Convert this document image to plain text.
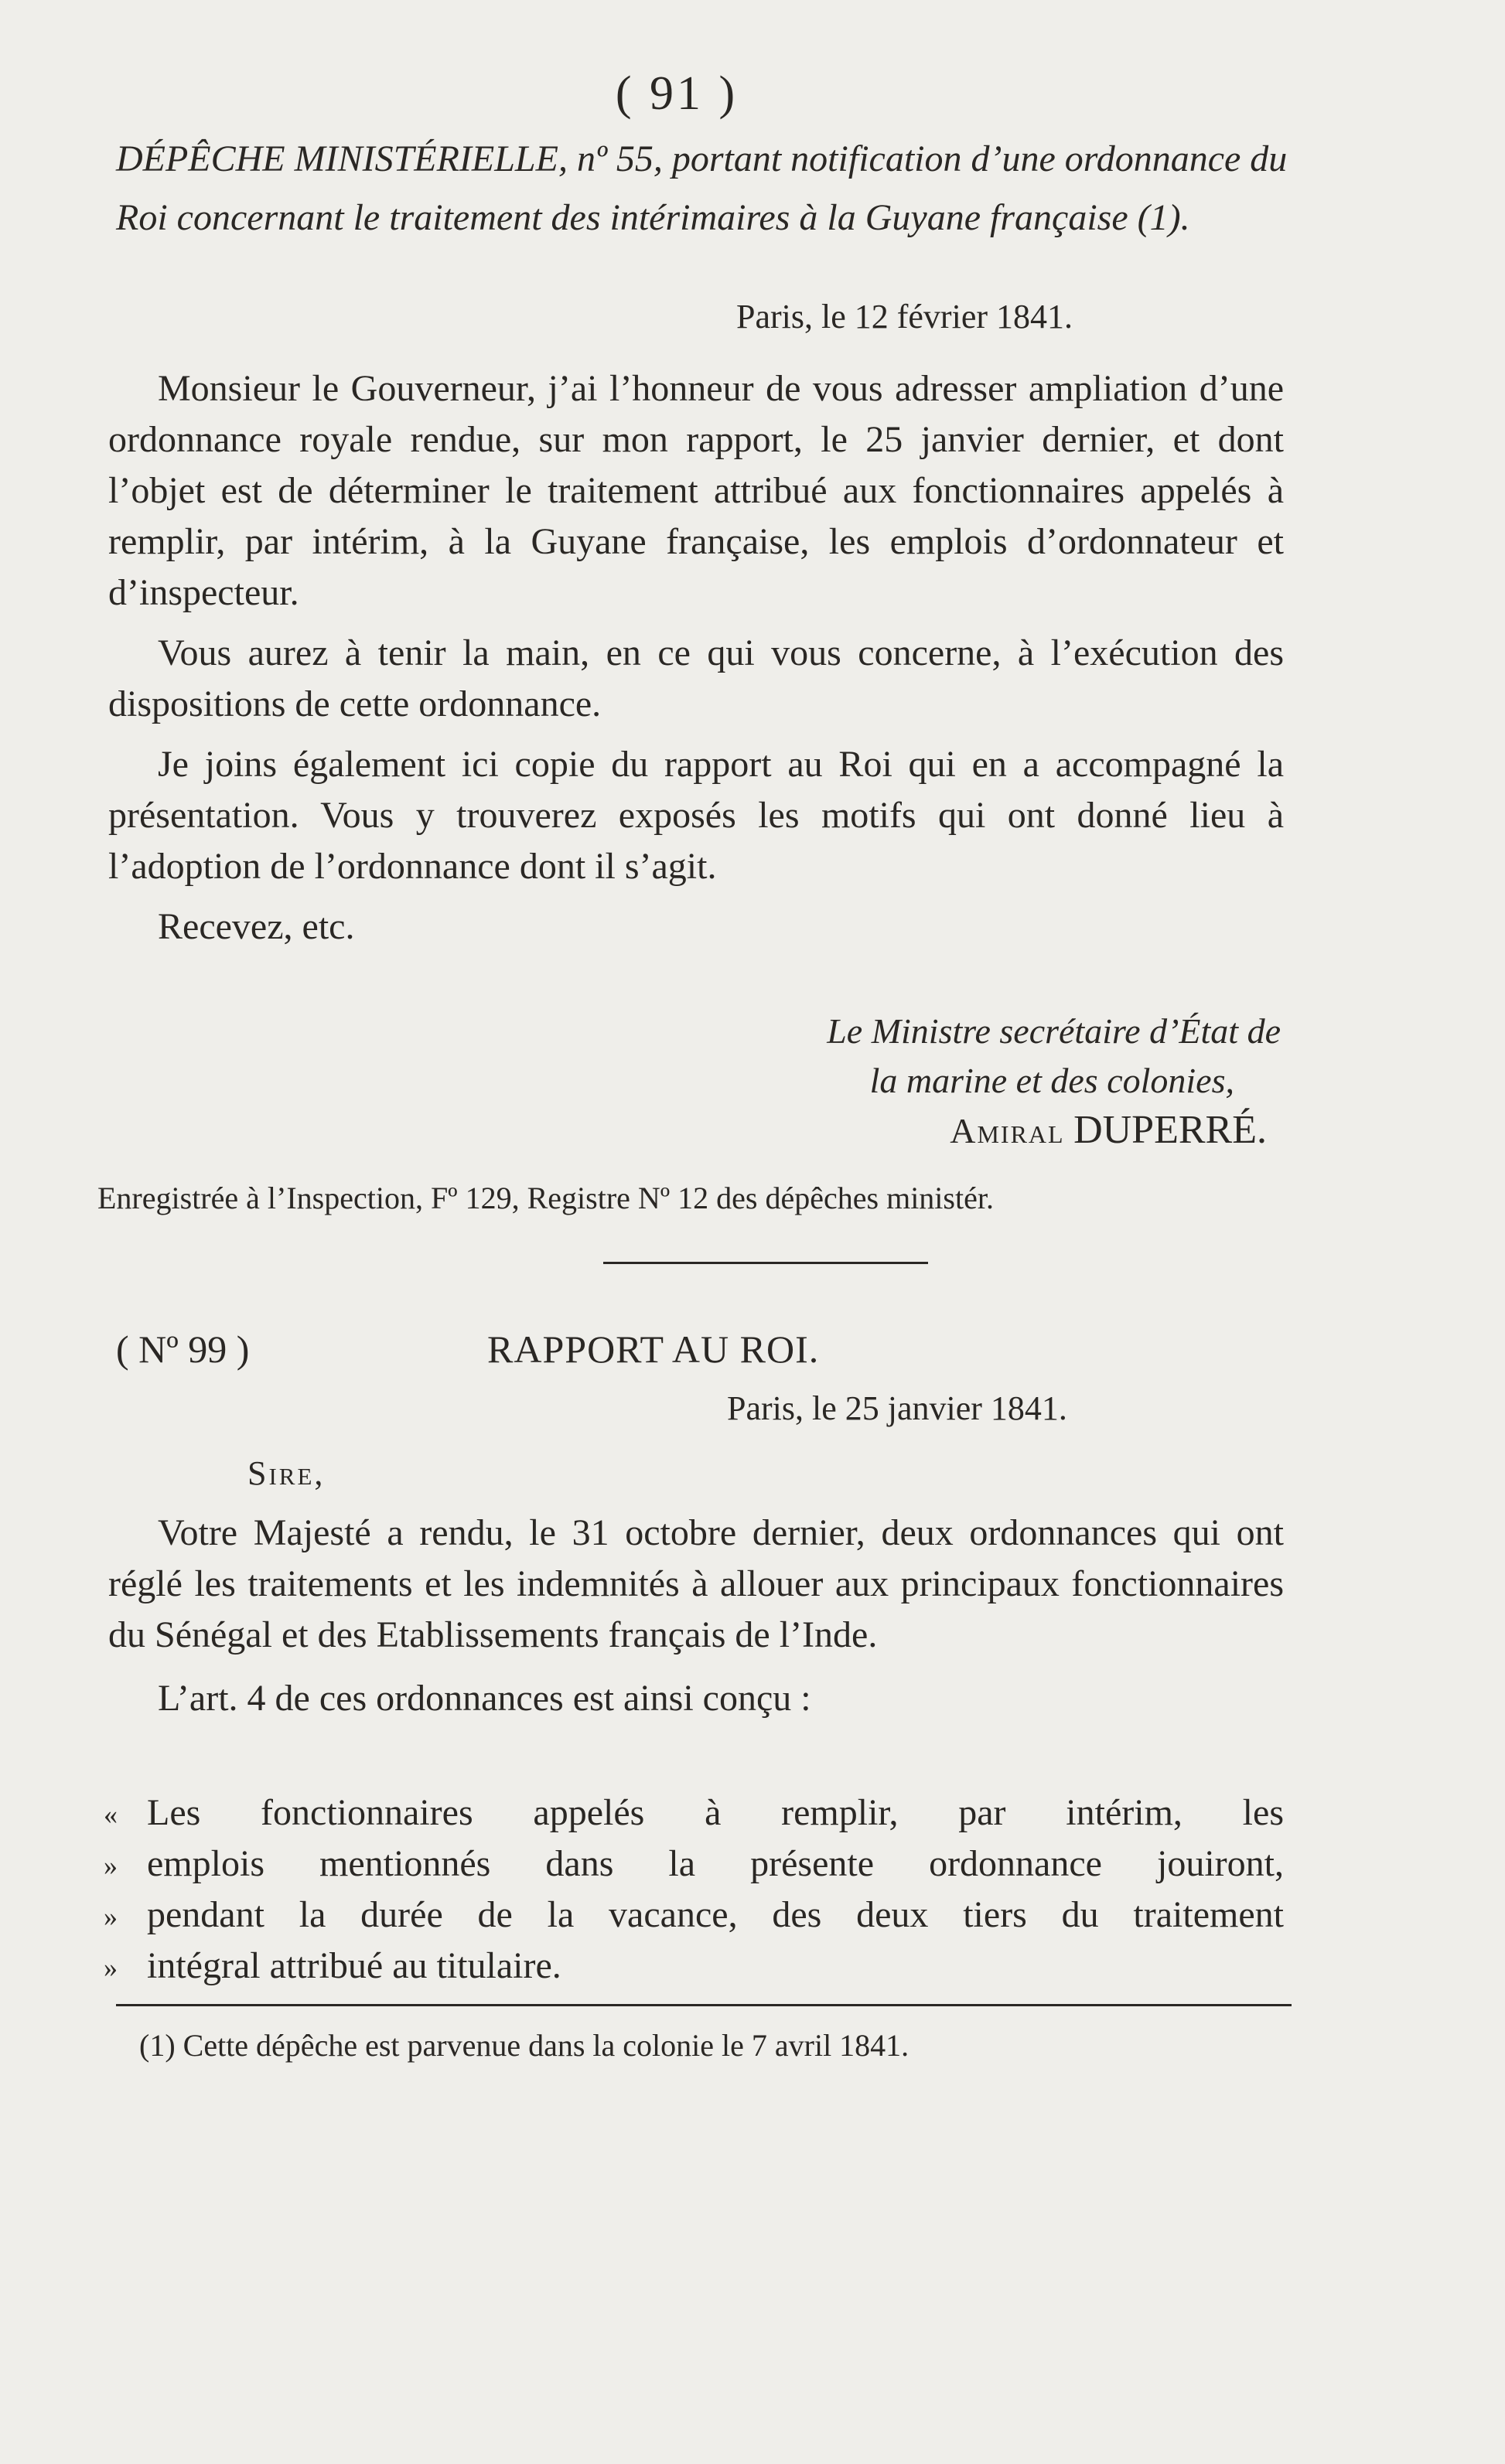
( 91 )
DÉPÊCHE MINISTÉRIELLE, nº 55, portant notification d’une ordonnance du Roi concernant le traitement des intérimaires à la Guyane française (1).
Paris, le 12 février 1841.

Monsieur le Gouverneur, j’ai l’honneur de vous adresser ampliation d’une ordonnance royale rendue, sur mon rapport, le 25 janvier dernier, et dont l’objet est de déterminer le traitement attribué aux fonctionnaires appelés à remplir, par intérim, à la Guyane française, les emplois d’ordonnateur et d’inspecteur.

Vous aurez à tenir la main, en ce qui vous concerne, à l’exécution des dispositions de cette ordonnance.

Je joins également ici copie du rapport au Roi qui en a accompagné la présentation. Vous y trouverez exposés les motifs qui ont donné lieu à l’adoption de l’ordonnance dont il s’agit.

Recevez, etc.

Le Ministre secrétaire d’État de
la marine et des colonies,
Amiral DUPERRÉ.
Enregistrée à l’Inspection, Fº 129, Registre Nº 12 des dépêches ministér.
( Nº 99 )	RAPPORT AU ROI.
Paris, le 25 janvier 1841.
Sire,

Votre Majesté a rendu, le 31 octobre dernier, deux ordonnances qui ont réglé les traitements et les indemnités à allouer aux principaux fonctionnaires du Sénégal et des Etablissements français de l’Inde.

L’art. 4 de ces ordonnances est ainsi conçu :

« Les fonctionnaires appelés à remplir, par intérim, les
» emplois mentionnés dans la présente ordonnance jouiront,
» pendant la durée de la vacance, des deux tiers du traitement
» intégral attribué au titulaire.
(1) Cette dépêche est parvenue dans la colonie le 7 avril 1841.
